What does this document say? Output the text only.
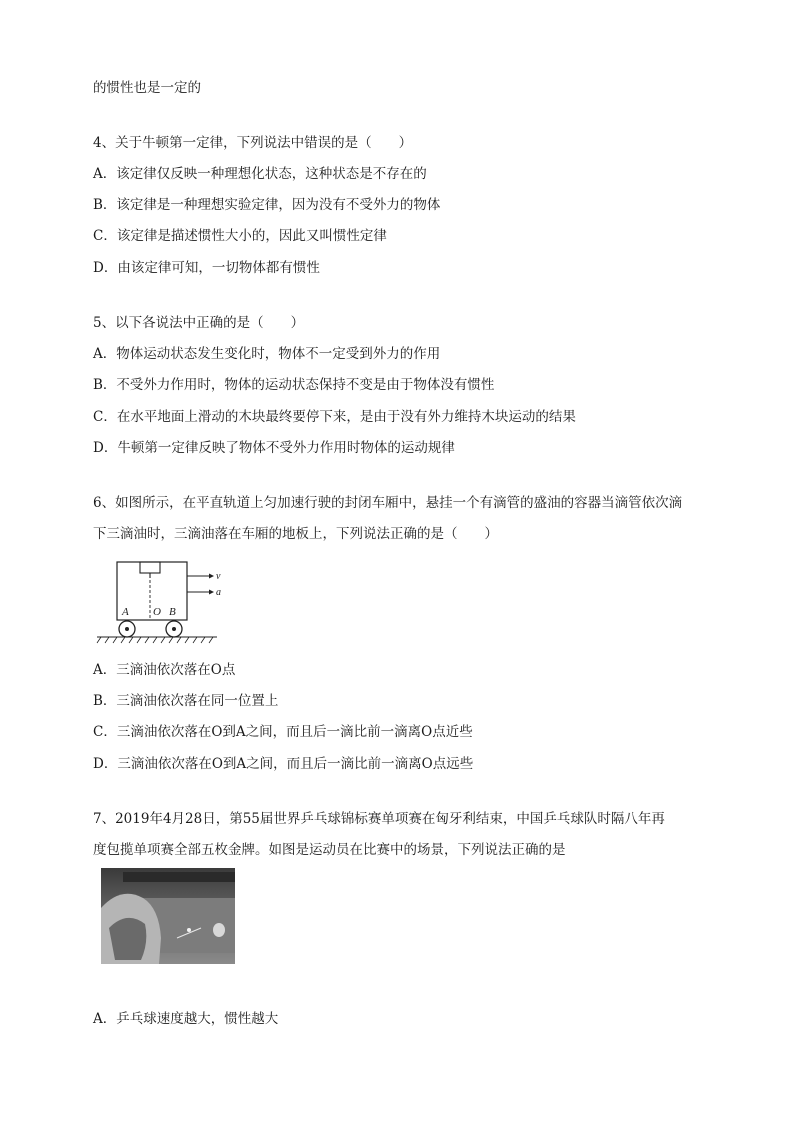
的惯性也是一定的
4、关于牛顿第一定律，下列说法中错误的是（　　）
A．该定律仅反映一种理想化状态，这种状态是不存在的
B．该定律是一种理想实验定律，因为没有不受外力的物体
C．该定律是描述惯性大小的，因此又叫惯性定律
D．由该定律可知，一切物体都有惯性
5、以下各说法中正确的是（　　）
A．物体运动状态发生变化时，物体不一定受到外力的作用
B．不受外力作用时，物体的运动状态保持不变是由于物体没有惯性
C．在水平地面上滑动的木块最终要停下来，是由于没有外力维持木块运动的结果
D．牛顿第一定律反映了物体不受外力作用时物体的运动规律
6、如图所示，在平直轨道上匀加速行驶的封闭车厢中，悬挂一个有滴管的盛油的容器当滴管依次滴
下三滴油时，三滴油落在车厢的地板上，下列说法正确的是（　　）
v
a
A O B
A．三滴油依次落在O点
B．三滴油依次落在同一位置上
C．三滴油依次落在O到A之间，而且后一滴比前一滴离O点近些
D．三滴油依次落在O到A之间，而且后一滴比前一滴离O点远些
7、2019年4月28日，第55届世界乒乓球锦标赛单项赛在匈牙利结束，中国乒乓球队时隔八年再
度包揽单项赛全部五枚金牌。如图是运动员在比赛中的场景，下列说法正确的是
A．乒乓球速度越大，惯性越大
